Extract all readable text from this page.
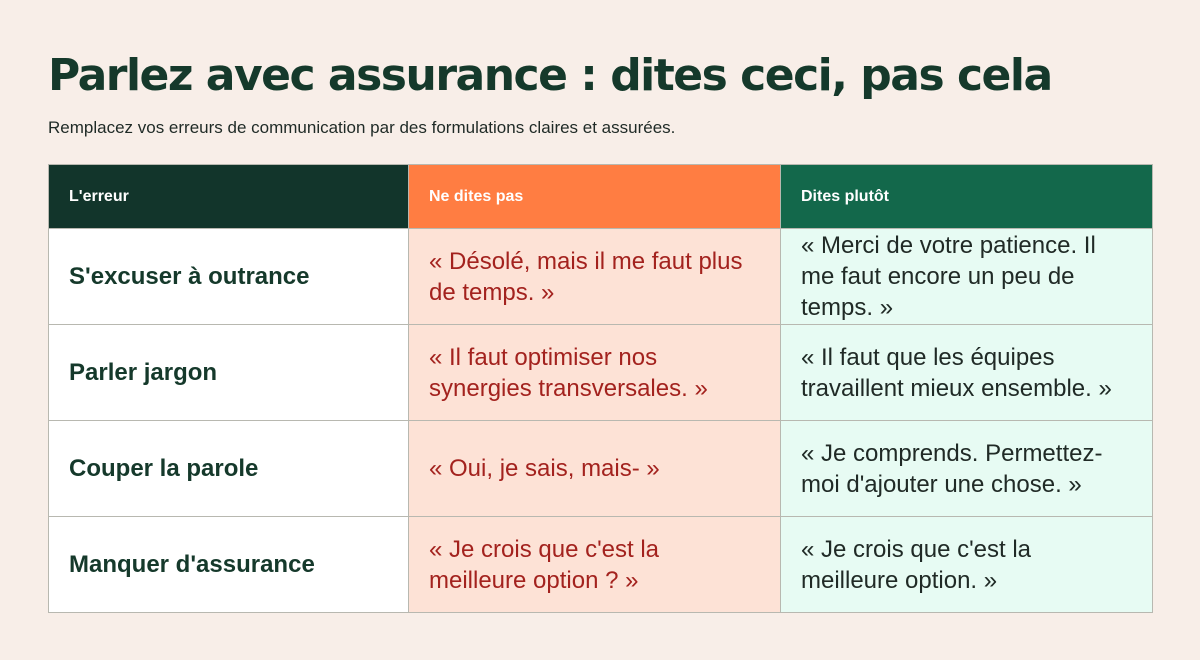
Parlez avec assurance : dites ceci, pas cela

Remplacez vos erreurs de communication par des formulations claires et assurées.

L'erreur	Ne dites pas	Dites plutôt
S'excuser à outrance	« Désolé, mais il me faut plus de temps. »	« Merci de votre patience. Il me faut encore un peu de temps. »
Parler jargon	« Il faut optimiser nos synergies transversales. »	« Il faut que les équipes travaillent mieux ensemble. »
Couper la parole	« Oui, je sais, mais- »	« Je comprends. Permettez-moi d'ajouter une chose. »
Manquer d'assurance	« Je crois que c'est la meilleure option ? »	« Je crois que c'est la meilleure option. »
